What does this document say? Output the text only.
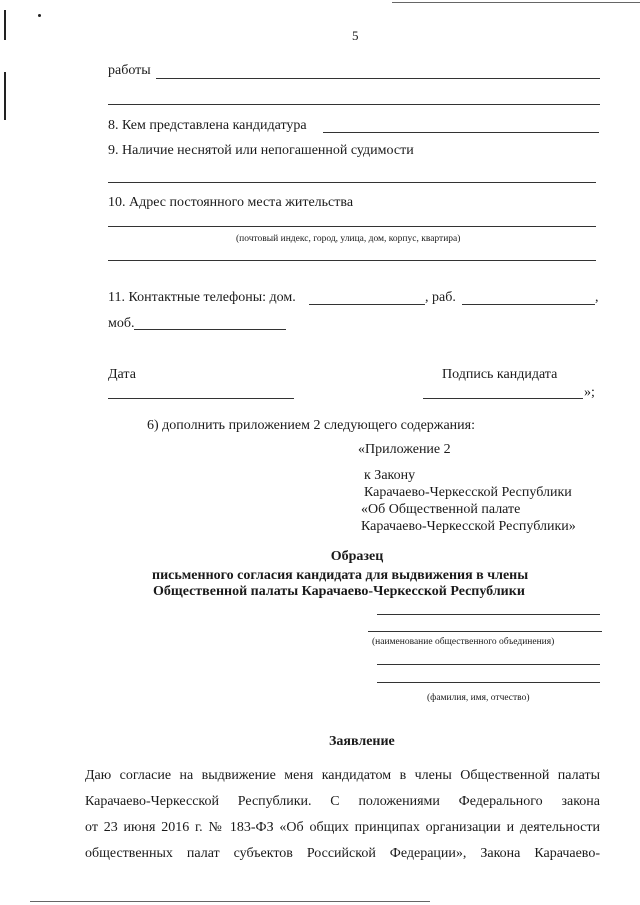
5
работы
8. Кем представлена кандидатура
9. Наличие неснятой или непогашенной судимости
10. Адрес постоянного места жительства
(почтовый индекс, город, улица, дом, корпус, квартира)
11. Контактные телефоны: дом.	, раб.	,
моб.
Дата	Подпись кандидата
»;
6) дополнить приложением 2 следующего содержания:
«Приложение 2
к Закону
Карачаево-Черкесской Республики
«Об Общественной палате
Карачаево-Черкесской Республики»
Образец
письменного согласия кандидата для выдвижения в члены
Общественной палаты Карачаево-Черкесской Республики
(наименование общественного объединения)
(фамилия, имя, отчество)
Заявление
Даю согласие на выдвижение меня кандидатом в члены Общественной палаты
Карачаево-Черкесской Республики. С положениями Федерального закона
от 23 июня 2016 г. № 183-ФЗ «Об общих принципах организации и деятельности
общественных палат субъектов Российской Федерации», Закона Карачаево-
